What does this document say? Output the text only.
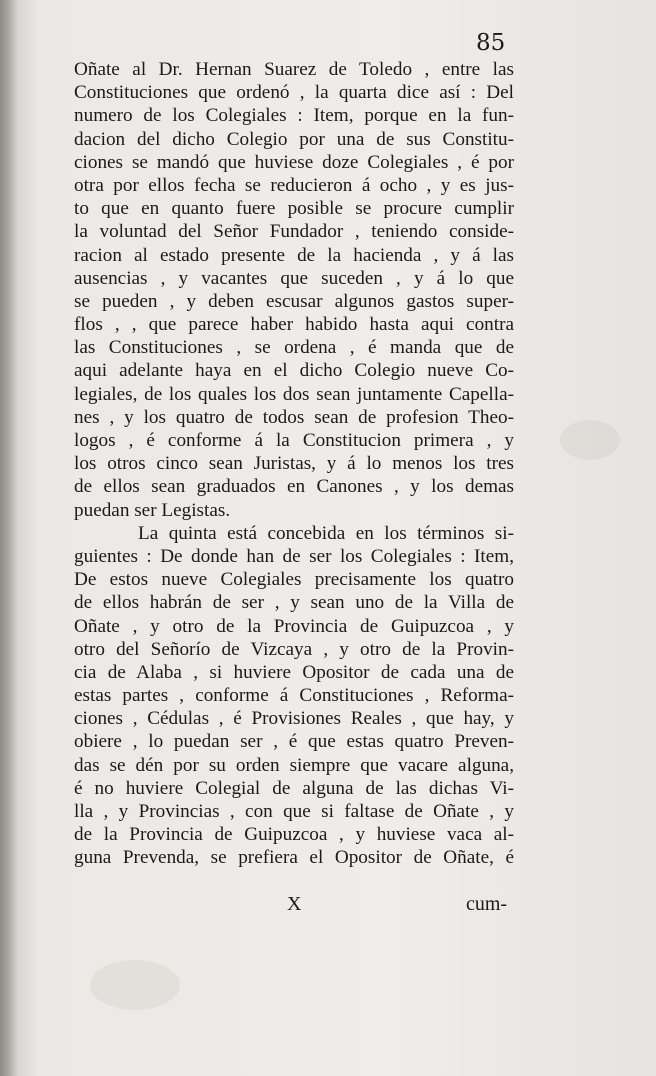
85
Oñate al Dr. Hernan Suarez de Toledo , entre las
Constituciones que ordenó , la quarta dice así : Del
numero de los Colegiales : Item, porque en la fun-
dacion del dicho Colegio por una de sus Constitu-
ciones se mandó que huviese doze Colegiales , é por
otra por ellos fecha se reducieron á ocho , y es jus-
to que en quanto fuere posible se procure cumplir
la voluntad del Señor Fundador , teniendo conside-
racion al estado presente de la hacienda , y á las
ausencias , y vacantes que suceden , y á lo que
se pueden , y deben escusar algunos gastos super-
flos , , que parece haber habido hasta aqui contra
las Constituciones , se ordena , é manda que de
aqui adelante haya en el dicho Colegio nueve Co-
legiales, de los quales los dos sean juntamente Capella-
nes , y los quatro de todos sean de profesion Theo-
logos , é conforme á la Constitucion primera , y
los otros cinco sean Juristas, y á lo menos los tres
de ellos sean graduados en Canones , y los demas
puedan ser Legistas.
La quinta está concebida en los términos si-
guientes : De donde han de ser los Colegiales : Item,
De estos nueve Colegiales precisamente los quatro
de ellos habrán de ser , y sean uno de la Villa de
Oñate , y otro de la Provincia de Guipuzcoa , y
otro del Señorío de Vizcaya , y otro de la Provin-
cia de Alaba , si huviere Opositor de cada una de
estas partes , conforme á Constituciones , Reforma-
ciones , Cédulas , é Provisiones Reales , que hay, y
obiere , lo puedan ser , é que estas quatro Preven-
das se dén por su orden siempre que vacare alguna,
é no huviere Colegial de alguna de las dichas Vi-
lla , y Provincias , con que si faltase de Oñate , y
de la Provincia de Guipuzcoa , y huviese vaca al-
guna Prevenda, se prefiera el Opositor de Oñate, é
X	cum-
